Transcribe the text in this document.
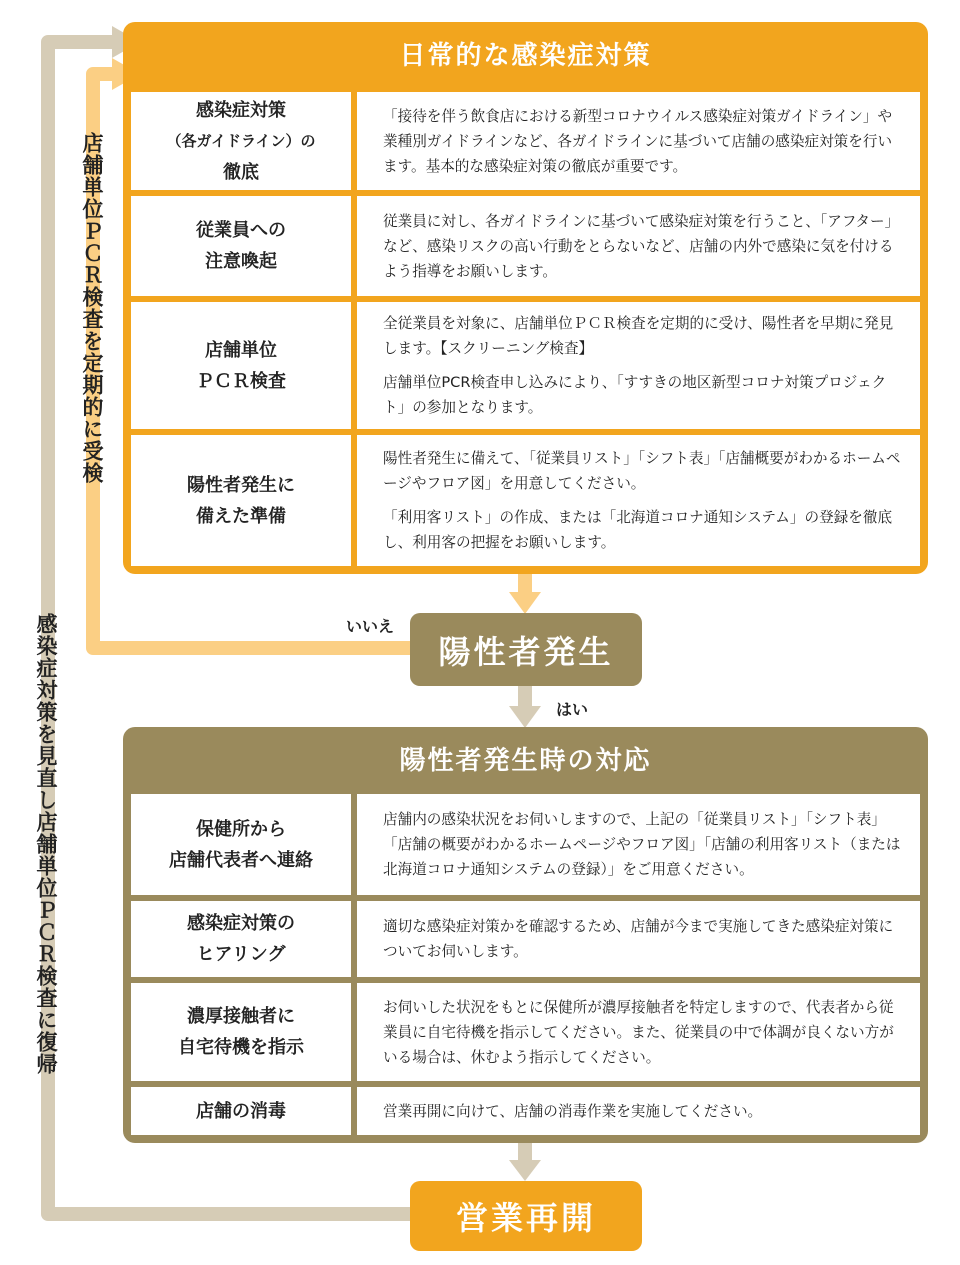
店舗単位ＰＣＲ検査を定期的に受検
感染症対策を見直し店舗単位ＰＣＲ検査に復帰
日常的な感染症対策
感染症対策
（各ガイドライン）の
徹底

「接待を伴う飲食店における新型コロナウイルス感染症対策ガイドライン」や業種別ガイドラインなど、各ガイドラインに基づいて店舗の感染症対策を行います。基本的な感染症対策の徹底が重要です。

従業員への
注意喚起

従業員に対し、各ガイドラインに基づいて感染症対策を行うこと、「アフター」など、感染リスクの高い行動をとらないなど、店舗の内外で感染に気を付けるよう指導をお願いします。

店舗単位
ＰＣＲ検査

全従業員を対象に、店舗単位ＰＣＲ検査を定期的に受け、陽性者を早期に発見します。【スクリーニング検査】

店舗単位PCR検査申し込みにより、「すすきの地区新型コロナ対策プロジェクト」の参加となります。

陽性者発生に
備えた準備

陽性者発生に備えて、「従業員リスト」「シフト表」「店舗概要がわかるホームページやフロア図」を用意してください。

「利用客リスト」の作成、または「北海道コロナ通知システム」の登録を徹底し、利用客の把握をお願いします。

いいえ
陽性者発生
はい
陽性者発生時の対応
保健所から
店舗代表者へ連絡

店舗内の感染状況をお伺いしますので、上記の「従業員リスト」「シフト表」「店舗の概要がわかるホームページやフロア図」「店舗の利用客リスト（または北海道コロナ通知システムの登録）」をご用意ください。

感染症対策の
ヒアリング

適切な感染症対策かを確認するため、店舗が今まで実施してきた感染症対策についてお伺いします。

濃厚接触者に
自宅待機を指示

お伺いした状況をもとに保健所が濃厚接触者を特定しますので、代表者から従業員に自宅待機を指示してください。また、従業員の中で体調が良くない方がいる場合は、休むよう指示してください。

店舗の消毒	営業再開に向けて、店舗の消毒作業を実施してください。

営業再開
